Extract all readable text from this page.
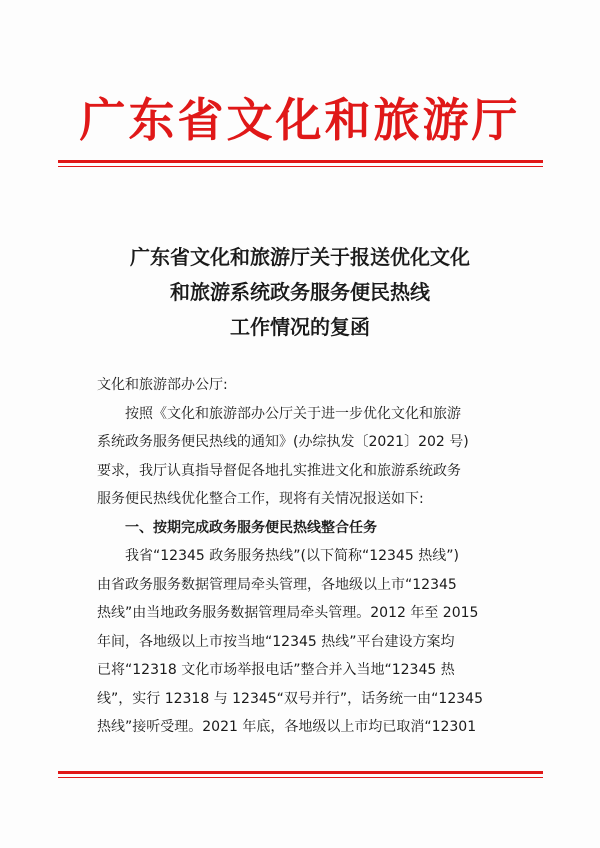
广东省文化和旅游厅
广东省文化和旅游厅关于报送优化文化
和旅游系统政务服务便民热线
工作情况的复函
文化和旅游部办公厅:
按照《文化和旅游部办公厅关于进一步优化文化和旅游
系统政务服务便民热线的通知》(办综执发〔2021〕202 号)
要求，我厅认真指导督促各地扎实推进文化和旅游系统政务
服务便民热线优化整合工作，现将有关情况报送如下:
一、按期完成政务服务便民热线整合任务
我省“12345 政务服务热线”(以下简称“12345 热线”)
由省政务服务数据管理局牵头管理，各地级以上市“12345
热线”由当地政务服务数据管理局牵头管理。2012 年至 2015
年间，各地级以上市按当地“12345 热线”平台建设方案均
已将“12318 文化市场举报电话”整合并入当地“12345 热
线”，实行 12318 与 12345“双号并行”，话务统一由“12345
热线”接听受理。2021 年底，各地级以上市均已取消“12301
